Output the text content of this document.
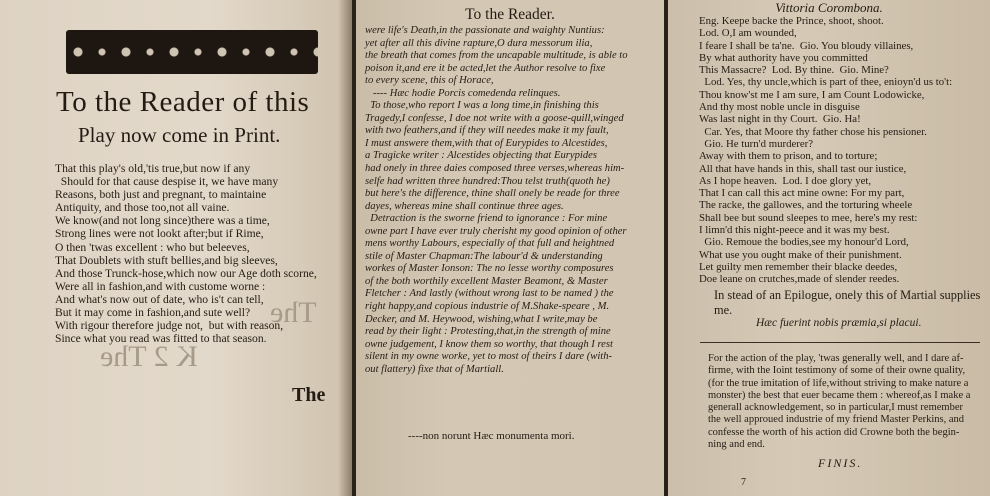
To the Reader of this
Play now come in Print.
That this play's old,'tis true,but now if any
Should for that cause despise it, we have many
Reasons, both just and pregnant, to maintaine
Antiquity, and those too,not all vaine.
We know(and not long since)there was a time,
Strong lines were not lookt after;but if Rime,
O then 'twas excellent : who but beleeves,
That Doublets with stuft bellies,and big sleeves,
And those Trunck-hose,which now our Age doth scorne,
Were all in fashion,and with custome worne :
And what's now out of date, who is't can tell,
But it may come in fashion,and sute well?
With rigour therefore judge not,  but with reason,
Since what you read was fitted to that season.
The
K 2 The
The
To the Reader.
were life's Death,in the passionate and waighty Nuntius:
yet after all this divine rapture,O dura messorum ilia,
the breath that comes from the uncapable multitude, is able to
poison it,and ere it be acted,let the Author resolve to fixe
to every scene, this of Horace,
---- Hæc hodie Porcis comedenda relinques.
To those,who report I was a long time,in finishing this
Tragedy,I confesse, I doe not write with a goose-quill,winged
with two feathers,and if they will needes make it my fault,
I must answere them,with that of Eurypides to Alcestides,
a Tragicke writer : Alcestides objecting that Eurypides
had onely in three daies composed three verses,whereas him-
selfe had written three hundred:Thou telst truth(quoth he)
but here's the difference, thine shall onely be reade for three
dayes, whereas mine shall continue three ages.
Detraction is the sworne friend to ignorance : For mine
owne part I have ever truly cherisht my good opinion of other
mens worthy Labours, especially of that full and heightned
stile of Master Chapman:The labour'd & understanding
workes of Master Ionson: The no lesse worthy composures
of the both worthily excellent Master Beamont, & Master
Fletcher : And lastly (without wrong last to be named ) the
right happy,and copious industrie of M.Shake-speare , M.
Decker, and M. Heywood, wishing,what I write,may be
read by their light : Protesting,that,in the strength of mine
owne judgement, I know them so worthy, that though I rest
silent in my owne worke, yet to most of theirs I dare (with-
out flattery) fixe that of Martiall.
----non norunt Hæc monumenta mori.
Vittoria Corombona.
Eng. Keepe backe the Prince, shoot, shoot.
Lod. O,I am wounded,
I feare I shall be ta'ne.  Gio. You bloudy villaines,
By what authority have you committed
This Massacre?  Lod. By thine.  Gio. Mine?
Lod. Yes, thy uncle,which is part of thee, enioyn'd us to't:
Thou know'st me I am sure, I am Count Lodowicke,
And thy most noble uncle in disguise
Was last night in thy Court.  Gio. Ha!
Car. Yes, that Moore thy father chose his pensioner.
Gio. He turn'd murderer?
Away with them to prison, and to torture;
All that have hands in this, shall tast our iustice,
As I hope heaven.  Lod. I doe glory yet,
That I can call this act mine owne: For my part,
The racke, the gallowes, and the torturing wheele
Shall bee but sound sleepes to mee, here's my rest:
I limn'd this night-peece and it was my best.
Gio. Remoue the bodies,see my honour'd Lord,
What use you ought make of their punishment.
Let guilty men remember their blacke deedes,
Doe leane on crutches,made of slender reedes.
In stead of an Epilogue, onely this of Martial supplies me.
Hæc fuerint nobis præmia,si placui.
For the action of the play, 'twas generally well, and I dare af-
firme, with the Ioint testimony of some of their owne quality,
(for the true imitation of life,without striving to make nature a
monster) the best that euer became them : whereof,as I make a
generall acknowledgement, so in particular,I must remember
the well approued industrie of my friend Master Perkins, and
confesse the worth of his action did Crowne both the begin-
ning and end.
FINIS.
7
